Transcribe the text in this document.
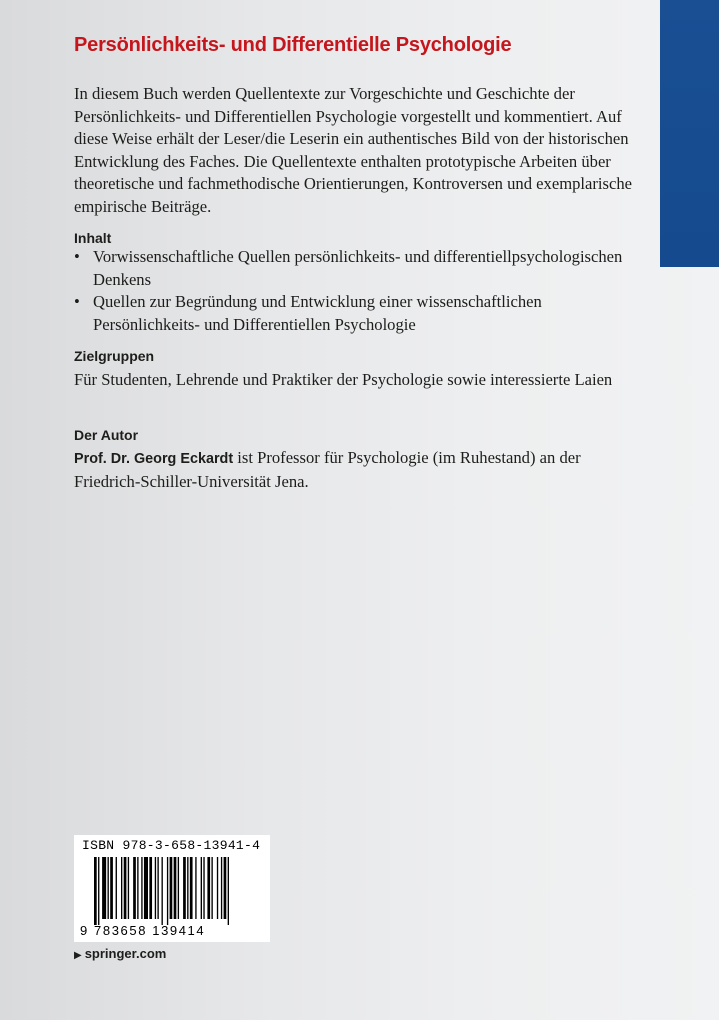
Persönlichkeits- und Differentielle Psychologie
In diesem Buch werden Quellentexte zur Vorgeschichte und Geschichte der Persönlichkeits- und Differentiellen Psychologie vorgestellt und kommentiert. Auf diese Weise erhält der Leser/die Leserin ein authentisches Bild von der historischen Entwicklung des Faches. Die Quellentexte enthalten prototypische Arbeiten über theoretische und fachmethodische Orientierungen, Kontroversen und exemplarische empirische Beiträge.
Inhalt
• Vorwissenschaftliche Quellen persönlichkeits- und differentiellpsychologischen Denkens
• Quellen zur Begründung und Entwicklung einer wissenschaftlichen Persönlichkeits- und Differentiellen Psychologie
Zielgruppen
Für Studenten, Lehrende und Praktiker der Psychologie sowie interessierte Laien
Der Autor
Prof. Dr. Georg Eckardt ist Professor für Psychologie (im Ruhestand) an der Friedrich-Schiller-Universität Jena.
ISBN 978-3-658-13941-4
9 783658 139414
▶ springer.com
